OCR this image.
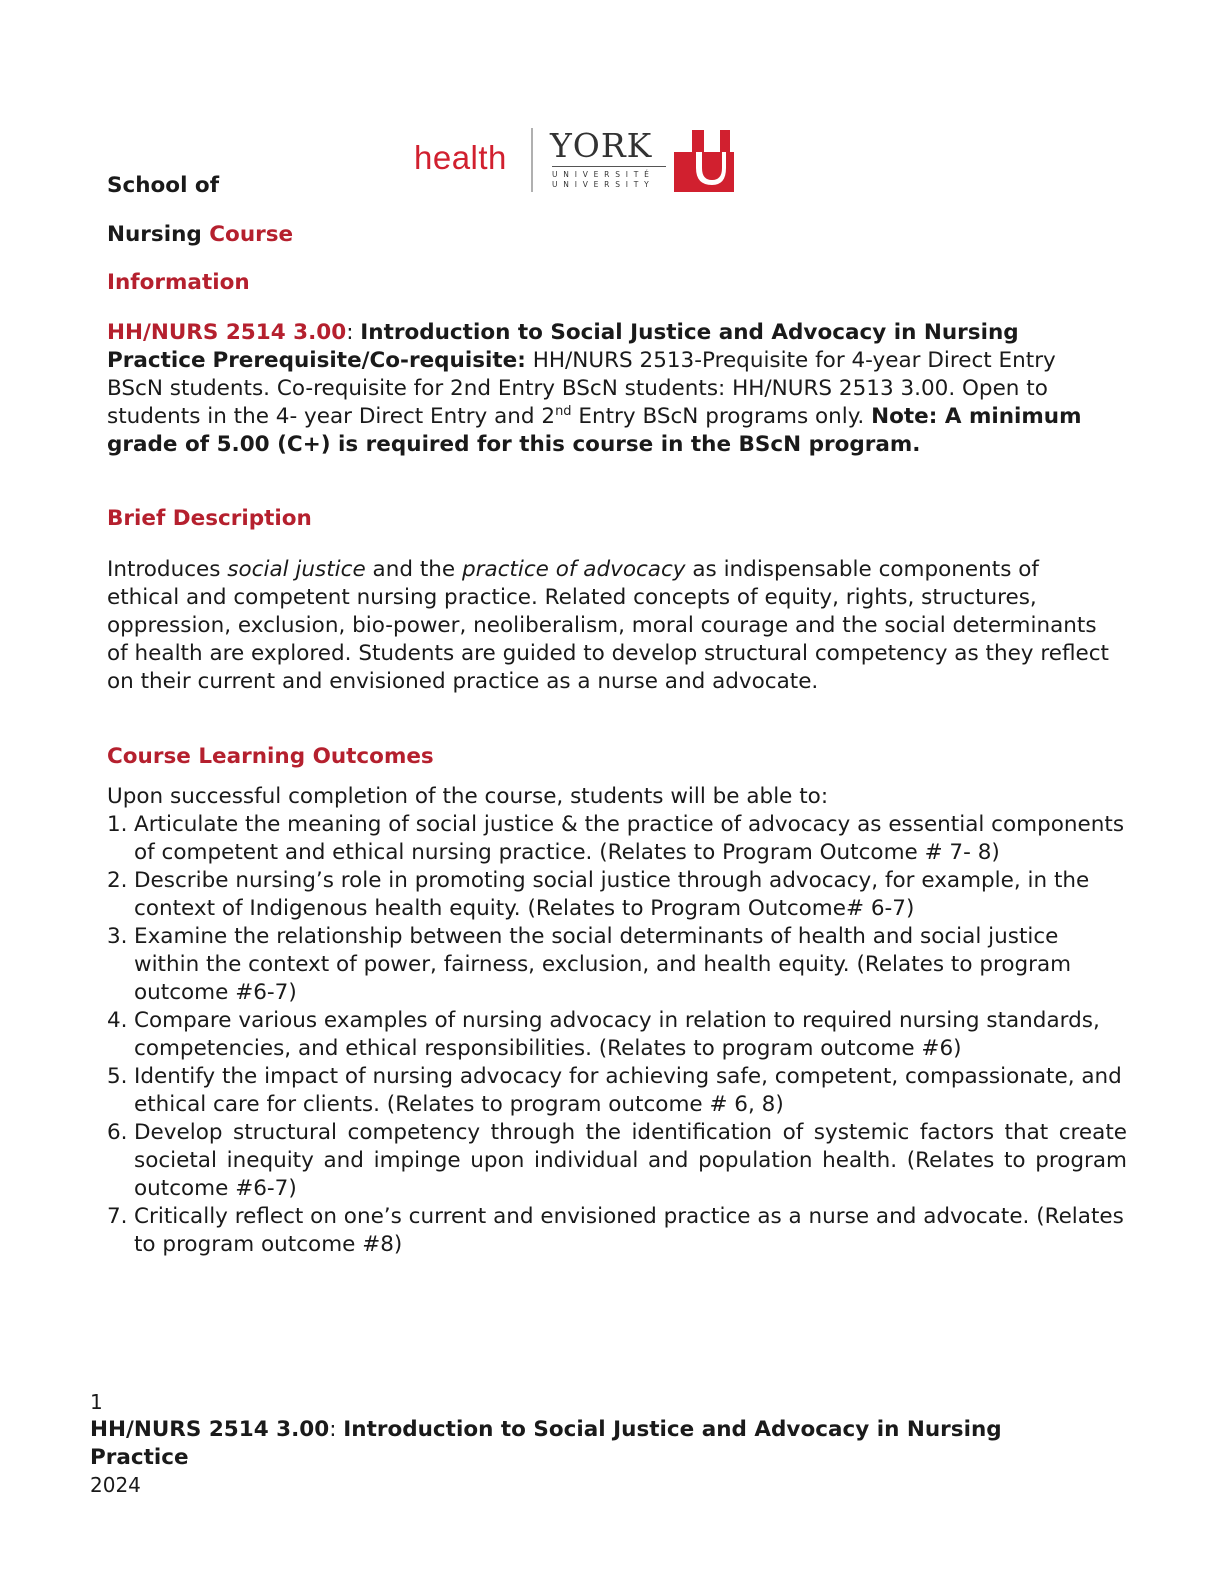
health YORK
UNIVERSITÉ
UNIVERSITY

School of

Nursing Course

Information

HH/NURS 2514 3.00: Introduction to Social Justice and Advocacy in Nursing Practice Prerequisite/Co-requisite: HH/NURS 2513-Prequisite for 4-year Direct Entry BScN students. Co-requisite for 2nd Entry BScN students: HH/NURS 2513 3.00. Open to students in the 4- year Direct Entry and 2nd Entry BScN programs only. Note: A minimum grade of 5.00 (C+) is required for this course in the BScN program.

Brief Description

Introduces social justice and the practice of advocacy as indispensable components of ethical and competent nursing practice. Related concepts of equity, rights, structures, oppression, exclusion, bio-power, neoliberalism, moral courage and the social determinants of health are explored. Students are guided to develop structural competency as they reflect on their current and envisioned practice as a nurse and advocate.

Course Learning Outcomes

Upon successful completion of the course, students will be able to:

1. Articulate the meaning of social justice & the practice of advocacy as essential components of competent and ethical nursing practice. (Relates to Program Outcome # 7- 8)
2. Describe nursing’s role in promoting social justice through advocacy, for example, in the context of Indigenous health equity. (Relates to Program Outcome# 6-7)
3. Examine the relationship between the social determinants of health and social justice within the context of power, fairness, exclusion, and health equity. (Relates to program outcome #6-7)
4. Compare various examples of nursing advocacy in relation to required nursing standards, competencies, and ethical responsibilities. (Relates to program outcome #6)
5. Identify the impact of nursing advocacy for achieving safe, competent, compassionate, and ethical care for clients. (Relates to program outcome # 6, 8)
6. Develop structural competency through the identification of systemic factors that create societal inequity and impinge upon individual and population health. (Relates to program outcome #6-7)
7. Critically reflect on one’s current and envisioned practice as a nurse and advocate. (Relates to program outcome #8)
1
HH/NURS 2514 3.00: Introduction to Social Justice and Advocacy in Nursing Practice
2024
